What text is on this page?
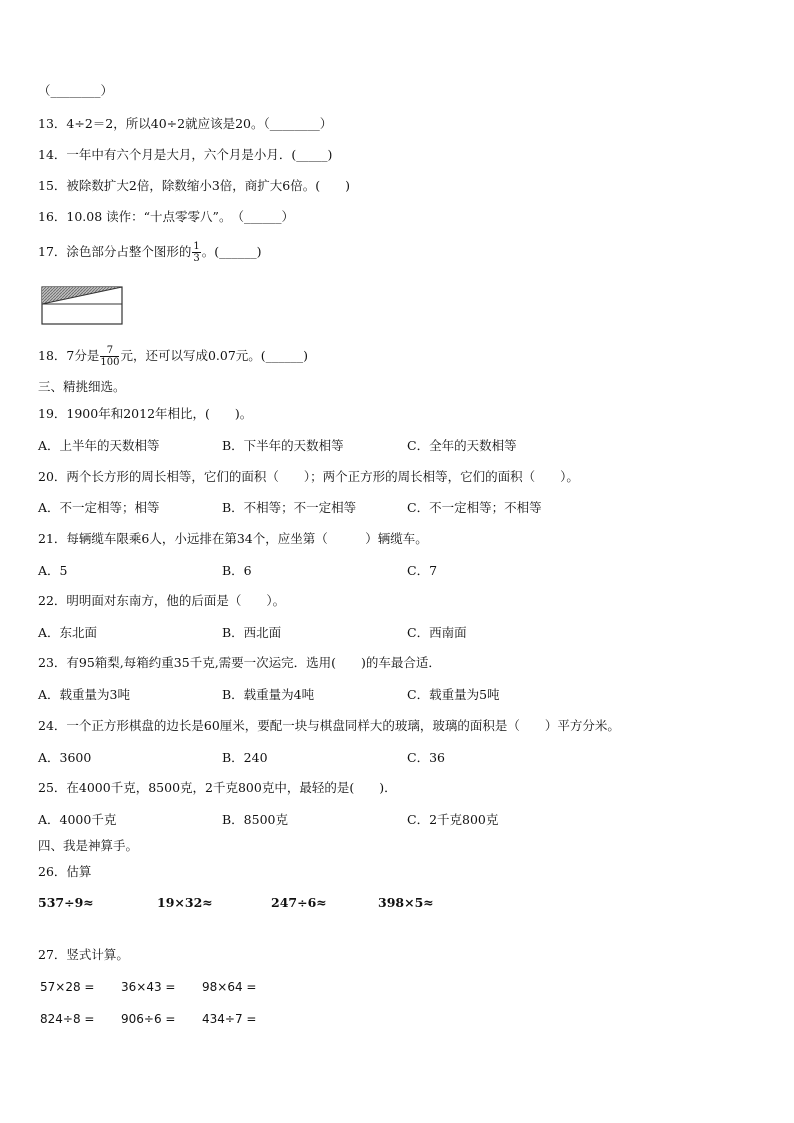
（________）
13．4÷2＝2，所以40÷2就应该是20。（________）
14．一年中有六个月是大月，六个月是小月．(_____)
15．被除数扩大2倍，除数缩小3倍，商扩大6倍。(　　)
16．10.08 读作：“十点零零八”。　（______）
17．涂色部分占整个图形的 $\frac{1}{3}$ 。(______)
18．7分是 $\frac{7}{100}$ 元，还可以写成0.07元。(______)
三、精挑细选。
19．1900年和2012年相比，(　　)。
A．上半年的天数相等	B．下半年的天数相等	C．全年的天数相等
20．两个长方形的周长相等，它们的面积（　　）；两个正方形的周长相等，它们的面积（　　）。
A．不一定相等；相等	B．不相等；不一定相等	C．不一定相等；不相等
21．每辆缆车限乘6人，小远排在第34个，应坐第（　　　）辆缆车。
A．5	B．6	C．7
22．明明面对东南方，他的后面是（　　）。
A．东北面	B．西北面	C．西南面
23．有95箱梨,每箱约重35千克,需要一次运完．选用(　　)的车最合适．
A．载重量为3吨	B．载重量为4吨	C．载重量为5吨
24．一个正方形棋盘的边长是60厘米，要配一块与棋盘同样大的玻璃，玻璃的面积是（　　）平方分米。
A．3600	B．240	C．36
25．在4000千克，8500克，2千克800克中，最轻的是(　　)．
A．4000千克	B．8500克	C．2千克800克
四、我是神算手。
26．估算
537÷9≈	19×32≈	247÷6≈	398×5≈
27．竖式计算。
57×28 = 36×43 = 98×64 =
824÷8 = 906÷6 = 434÷7 =
